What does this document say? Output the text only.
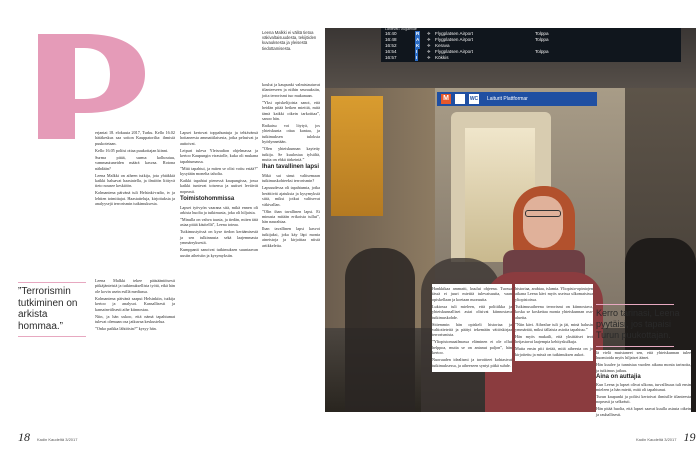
Leena Malkki ei välitä tietoa väkivaltaisuudesta, tekijöiden kuvauksesta ja yleisestä tiedottamisesta.

erjantai 18. elokuuta 2017, Turku. Kello 16.02 hätäkeskus saa soiton Kauppatorilta: ihmisiä puukotetaan.

Kello 16.05 poliisi ottaa puukottajan kiinni.

Surma pitää, surma kolhoutuu, vammautuneiden määrä kasvaa. Rotona nähdään?

Leena Malkki on aiheen tutkija, jota yhtäkkiä kaikki haluavat haastatella, ja ilmiöön liittyvä tieto nousee keskiöön.

Kolmantena päivänä tuli Helsinki-radio, tv ja lehtien toimittajat. Haastatteluja, kirjoituksia ja analyysejä terrorismin tutkimuksesta.

Leena Malkki tekee pääsääntöisesti pitkäjänteistä ja tutkimuksellista työtä, eikä hän ole kovin usein esillä mediassa.

Kolmantena päivänä saapui Helsinkiin, tutkija kertoo ja analysoi. Kansallisesti ja kansainvälisesti aihe kiinnostaa.

Niin, ja hän uskoo, että nämä tapahtumat tulevat olemaan osa jatkuvaa keskustelua.

”Onko paikka lähtöisin?” kysyy hän.

”Terrorismin tutkiminen on arkista hommaa.”

Lapset kertovat toppahuntuja ja tehtävänsä hoitaneesta ammattilaisesta, jotka pelasivat ja auttoivat.

Leipuri tuleva Yleisradion ohjelmassa ja kertoo Kaupungin virastolle, kuka oli mukana tapahtumassa.

”Mitä tapahtui, ja miten se olisi voitu estää?” kysytään monelta taholta.

Kaikki tapahtui pienessä kaupungissa, jossa kaikki tuntevat toisensa ja uutiset leviävät nopeasti.

Toimistohommissa

Lapset työvyön vaarana sitä, mikä ennen oli arkista huolta ja tutkimusta, joka oli hiljaista.

”Minulla on vahva tausta, ja tiedän, miten tätä asiaa pitää käsitellä”, Leena toteaa.

Tutkimustyössä on kyse tiedon keräämisestä ja sen tulkinnasta sekä laajemmasta ymmärryksestä.

Kumppanit sanoivat tutkimuksen suuntaavan uusiin aiheisiin ja kysymyksiin.

koulut ja kaupunki valmistautuvat tilanteeseen ja niihin seurauksiin, joita terrorismi tuo mukanaan.

”Yksi opiskelijoista sanoi, että heidän pitää hetken miettiä, mitä tämä kaikki oikein tarkoittaa”, sanoo hän.

Ratkaisu voi löytyä, jos yhteiskunta ottaa kantaa, ja tutkimuksen tuloksia hyödynnetään.

”Olen yhteiskunnan kaytetty tutkija. Se kuulostaa tylsältä, mutta on ehkä tärkeintä.”

Ihan tavallinen lapsi

Mikä sai sinut valitsemaan tutkimuskohteeksi terrorismin?

Lapsuudessa oli tapahtumia, jotka herättivät ajatuksia ja kysymyksiä siitä, miksi jotkut valitsevat väkivallan.

”Olin ihan tavallinen lapsi. Ei minusta mitään erikoista tullut”, hän naurahtaa.

Ihan tavallinen lapsi kasvoi tutkijaksi, joka käy läpi monia aineistoja ja kirjoittaa niistä artikkeleita.

18 Kadin Kaudeltä 3/2017
Lähtevät / Avgående
16:40	R ✈ Flygplatsen Airport	Tolppa
16:48	A ✈ Flygplatsen Airport	Tolppa
16:52	K ✈ Kerava
16:54	I ✈ Flygplatsen Airport	Tolppa
16:57	I ✈ Kökkis
M	WC Laiturit Plattformar
Kerro tarinasi, Leena pyytäisi, jos tapaisi Turun puukottajan.
Kadin Kaudeltä 3/2017 19

Hankkikaa ammatti, kuului ohjeena. Tuossa iässä ei juuri mietitä tulevaisuutta, vaan opiskellaan ja koetaan nuoruutta.

Lukiossa tuli mieleen, että politiikka ja yhteiskunnalliset asiat olisivat kiinnostava tutkimuskohde.

Sittemmin hän opiskeli historiaa ja valtiotieteitä ja päätyi tekemään väitöskirjaa terrorismista.

”Yliopistomaailmassa eläminen ei ole ollut helppoa, mutta se on antanut paljon”, hän kertoo.

Nuoruuden idealismi ja tavoitteet kohtasivat tutkimuksessa, ja aiheeseen syntyi pitkä suhde.

historiaa, arabiaa, islamia. Yliopisto-opintojen aikana Leena kävi myös useissa ulkomaisissa yliopistoissa.

Tutkimusaiheena terrorismi on kiinnostava, koska se koskettaa monia yhteiskunnan osa-alueita.

”Niin kävi. Aihealue tuli ja jäi, minä halusin ymmärtää, miksi tällaisia asioita tapahtuu.”

Hän myös mukaili, että yksittäiset teot heijastavat laajempia kehityskulkuja.

Mutta ensin piti tietää, mitä aiheesta on jo kirjoitettu ja missä on tutkimuksen aukot.	lä vielä muistaneet sen, että yhteiskunnan tulee huomioida myös hiljaiset äänet.

Hän kuulee ja tunnistaa vuoden aikana monia tarinoita, ja tutkimus jatkuu.

Aina on auttajia

Kun Leena ja lapset olivat ulkona, turvallisuus tuli ensin mieleen ja hän mietti, mitä oli tapahtunut.

Turun kaupunki ja poliisi kertoivat ihmisille tilanteesta nopeasti ja selkeästi.

Hän pitää huolta, että lapset saavat kuulla asiasta oikein ja rauhallisesti.
